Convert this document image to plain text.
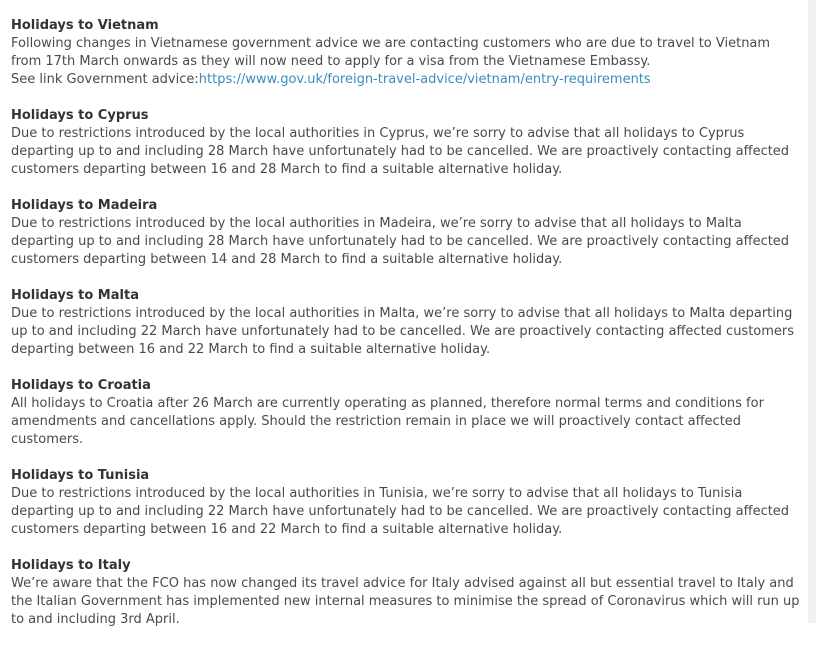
Holidays to Vietnam

Following changes in Vietnamese government advice we are contacting customers who are due to travel to Vietnam from 17th March onwards as they will now need to apply for a visa from the Vietnamese Embassy.

See link Government advice:https://www.gov.uk/foreign-travel-advice/vietnam/entry-requirements

Holidays to Cyprus

Due to restrictions introduced by the local authorities in Cyprus, we’re sorry to advise that all holidays to Cyprus departing up to and including 28 March have unfortunately had to be cancelled. We are proactively contacting affected customers departing between 16 and 28 March to find a suitable alternative holiday.

Holidays to Madeira

Due to restrictions introduced by the local authorities in Madeira, we’re sorry to advise that all holidays to Malta departing up to and including 28 March have unfortunately had to be cancelled. We are proactively contacting affected customers departing between 14 and 28 March to find a suitable alternative holiday.

Holidays to Malta

Due to restrictions introduced by the local authorities in Malta, we’re sorry to advise that all holidays to Malta departing up to and including 22 March have unfortunately had to be cancelled. We are proactively contacting affected customers departing between 16 and 22 March to find a suitable alternative holiday.

Holidays to Croatia

All holidays to Croatia after 26 March are currently operating as planned, therefore normal terms and conditions for amendments and cancellations apply. Should the restriction remain in place we will proactively contact affected customers.

Holidays to Tunisia

Due to restrictions introduced by the local authorities in Tunisia, we’re sorry to advise that all holidays to Tunisia departing up to and including 22 March have unfortunately had to be cancelled. We are proactively contacting affected customers departing between 16 and 22 March to find a suitable alternative holiday.

Holidays to Italy

We’re aware that the FCO has now changed its travel advice for Italy advised against all but essential travel to Italy and the Italian Government has implemented new internal measures to minimise the spread of Coronavirus which will run up to and including 3rd April.
